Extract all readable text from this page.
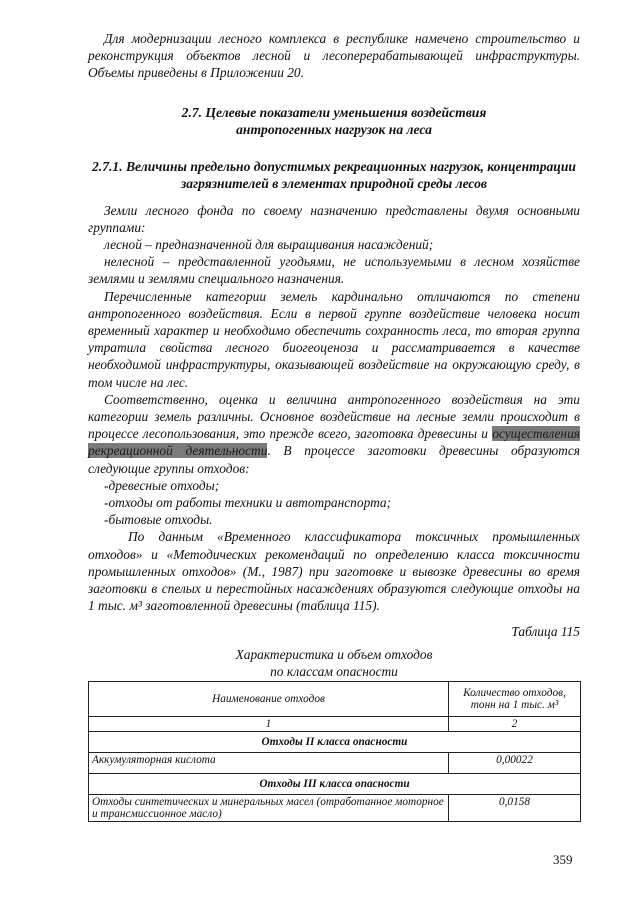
Для модернизации лесного комплекса в республике намечено строительство и реконструкция объектов лесной и лесоперерабатывающей инфраструктуры. Объемы приведены в Приложении 20.

2.7. Целевые показатели уменьшения воздействия антропогенных нагрузок на леса

2.7.1. Величины предельно допустимых рекреационных нагрузок, концентрации загрязнителей в элементах природной среды лесов

Земли лесного фонда по своему назначению представлены двумя основными группами:

лесной – предназначенной для выращивания насаждений;

нелесной – представленной угодьями, не используемыми в лесном хозяйстве землями и землями специального назначения.

Перечисленные категории земель кардинально отличаются по степени антропогенного воздействия. Если в первой группе воздействие человека носит временный характер и необходимо обеспечить сохранность леса, то вторая группа утратила свойства лесного биогеоценоза и рассматривается в качестве необходимой инфраструктуры, оказывающей воздействие на окружающую среду, в том числе на лес.

Соответственно, оценка и величина антропогенного воздействия на эти категории земель различны. Основное воздействие на лесные земли происходит в процессе лесопользования, это прежде всего, заготовка древесины и осуществления рекреационной деятельности. В процессе заготовки древесины образуются следующие группы отходов:

-древесные отходы;

-отходы от работы техники и автотранспорта;

-бытовые отходы.

По данным «Временного классификатора токсичных промышленных отходов» и «Методических рекомендаций по определению класса токсичности промышленных отходов» (М., 1987) при заготовке и вывозке древесины во время заготовки в спелых и перестойных насаждениях образуются следующие отходы на 1 тыс. м³ заготовленной древесины (таблица 115).

Таблица 115

Характеристика и объем отходов

по классам опасности

Наименование отходов	Количество отходов, тонн на 1 тыс. м³
1	2
Отходы II класса опасности	
Аккумуляторная кислота	0,00022
Отходы III класса опасности	
Отходы синтетических и минеральных масел (отработанное моторное и трансмиссионное масло)	0,0158
359
